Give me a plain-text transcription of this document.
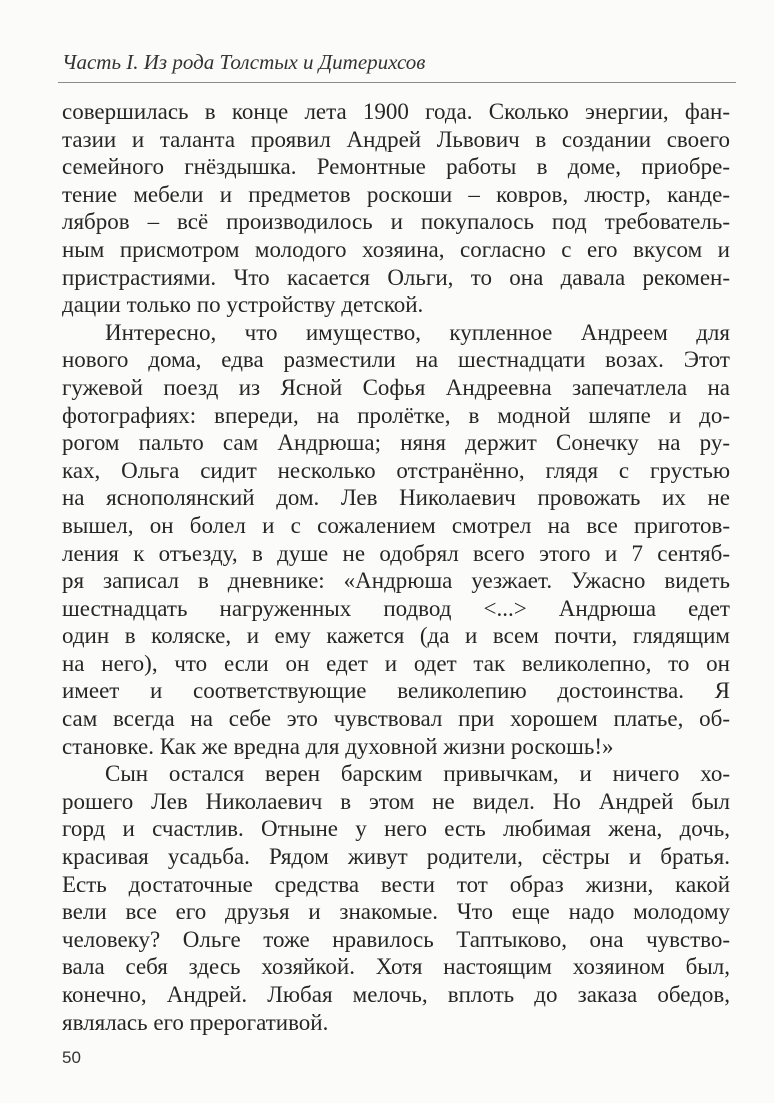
Часть I. Из рода Толстых и Дитерихсов
совершилась в конце лета 1900 года. Сколько энергии, фан-
тазии и таланта проявил Андрей Львович в создании своего
семейного гнёздышка. Ремонтные работы в доме, приобре-
тение мебели и предметов роскоши – ковров, люстр, канде-
лябров – всё производилось и покупалось под требователь-
ным присмотром молодого хозяина, согласно с его вкусом и
пристрастиями. Что касается Ольги, то она давала рекомен-
дации только по устройству детской.
Интересно, что имущество, купленное Андреем для
нового дома, едва разместили на шестнадцати возах. Этот
гужевой поезд из Ясной Софья Андреевна запечатлела на
фотографиях: впереди, на пролётке, в модной шляпе и до-
рогом пальто сам Андрюша; няня держит Сонечку на ру-
ках, Ольга сидит несколько отстранённо, глядя с грустью
на яснополянский дом. Лев Николаевич провожать их не
вышел, он болел и с сожалением смотрел на все приготов-
ления к отъезду, в душе не одобрял всего этого и 7 сентяб-
ря записал в дневнике: «Андрюша уезжает. Ужасно видеть
шестнадцать нагруженных подвод <...> Андрюша едет
один в коляске, и ему кажется (да и всем почти, глядящим
на него), что если он едет и одет так великолепно, то он
имеет и соответствующие великолепию достоинства. Я
сам всегда на себе это чувствовал при хорошем платье, об-
становке. Как же вредна для духовной жизни роскошь!»
Сын остался верен барским привычкам, и ничего хо-
рошего Лев Николаевич в этом не видел. Но Андрей был
горд и счастлив. Отныне у него есть любимая жена, дочь,
красивая усадьба. Рядом живут родители, сёстры и братья.
Есть достаточные средства вести тот образ жизни, какой
вели все его друзья и знакомые. Что еще надо молодому
человеку? Ольге тоже нравилось Таптыково, она чувство-
вала себя здесь хозяйкой. Хотя настоящим хозяином был,
конечно, Андрей. Любая мелочь, вплоть до заказа обедов,
являлась его прерогативой.
50
